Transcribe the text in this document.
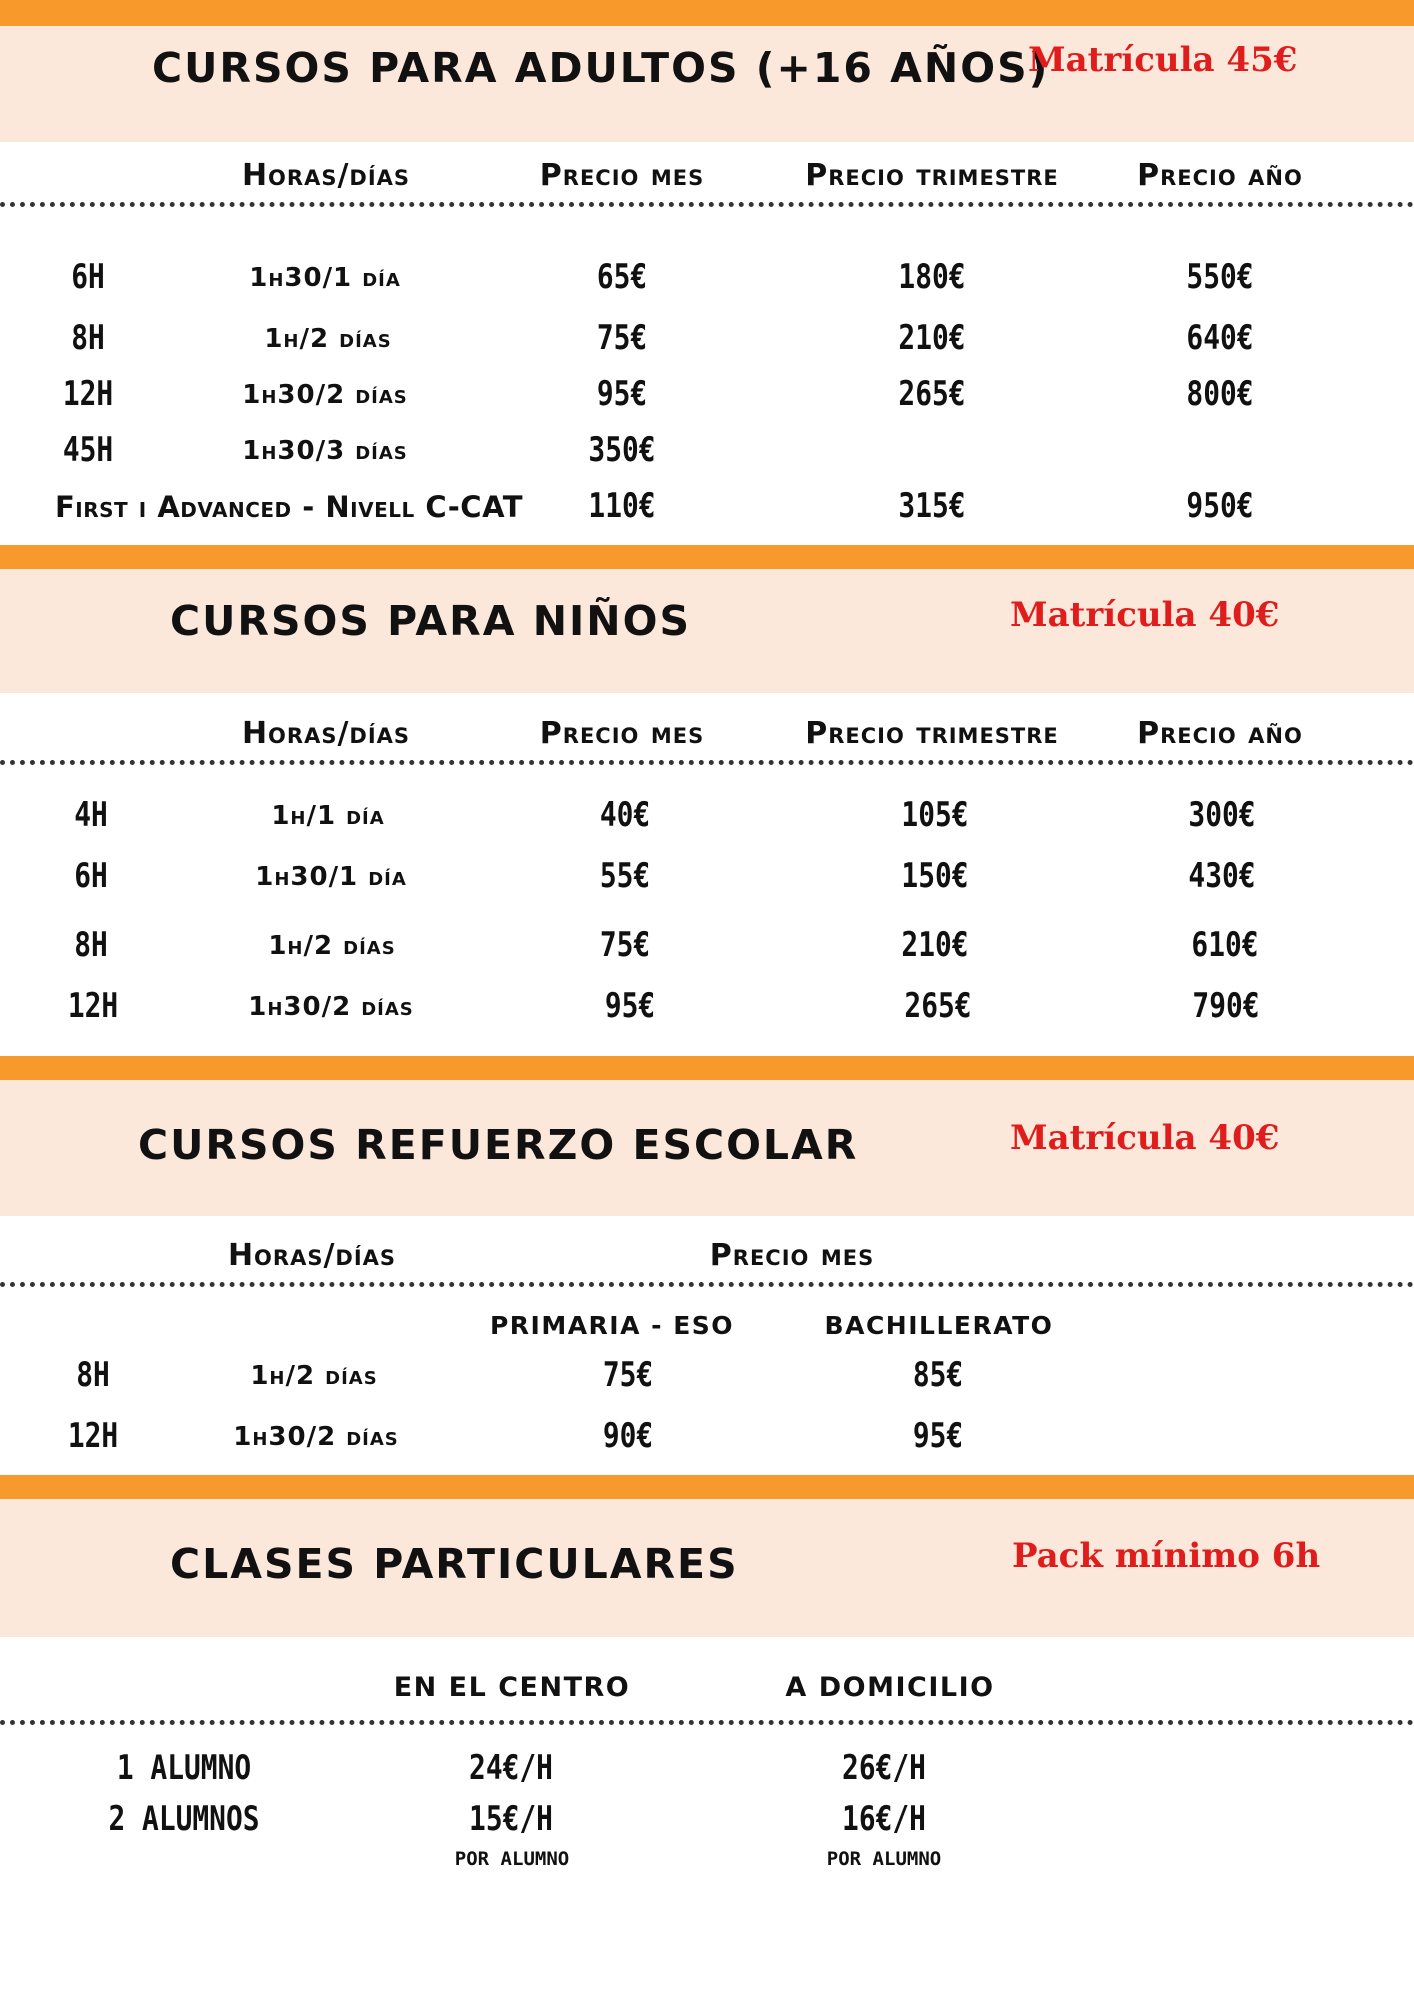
CURSOS PARA ADULTOS (+16 AÑOS)
Matrícula 45€
Horas/días	Precio mes	Precio trimestre	Precio año
6H	1h30/1 día	65€	180€	550€
8H	1h/2 días	75€	210€	640€
12H	1h30/2 días	95€	265€	800€
45H	1h30/3 días	350€
First i Advanced - Nivell C-CAT 110€	315€	950€
CURSOS PARA NIÑOS	Matrícula 40€
Horas/días	Precio mes	Precio trimestre	Precio año
4H	1h/1 día	40€	105€	300€
6H	1h30/1 día	55€	150€	430€
8H	1h/2 días	75€	210€	610€
12H	1h30/2 días	95€	265€	790€
CURSOS REFUERZO ESCOLAR	Matrícula 40€
Horas/días	Precio mes
PRIMARIA - ESO	BACHILLERATO
8H	1h/2 días	75€	85€
12H	1h30/2 días	90€	95€
CLASES PARTICULARES	Pack mínimo 6h
EN EL CENTRO	A DOMICILIO
1 ALUMNO	24€/H	26€/H
2 ALUMNOS	15€/H	16€/H
POR ALUMNO	POR ALUMNO
